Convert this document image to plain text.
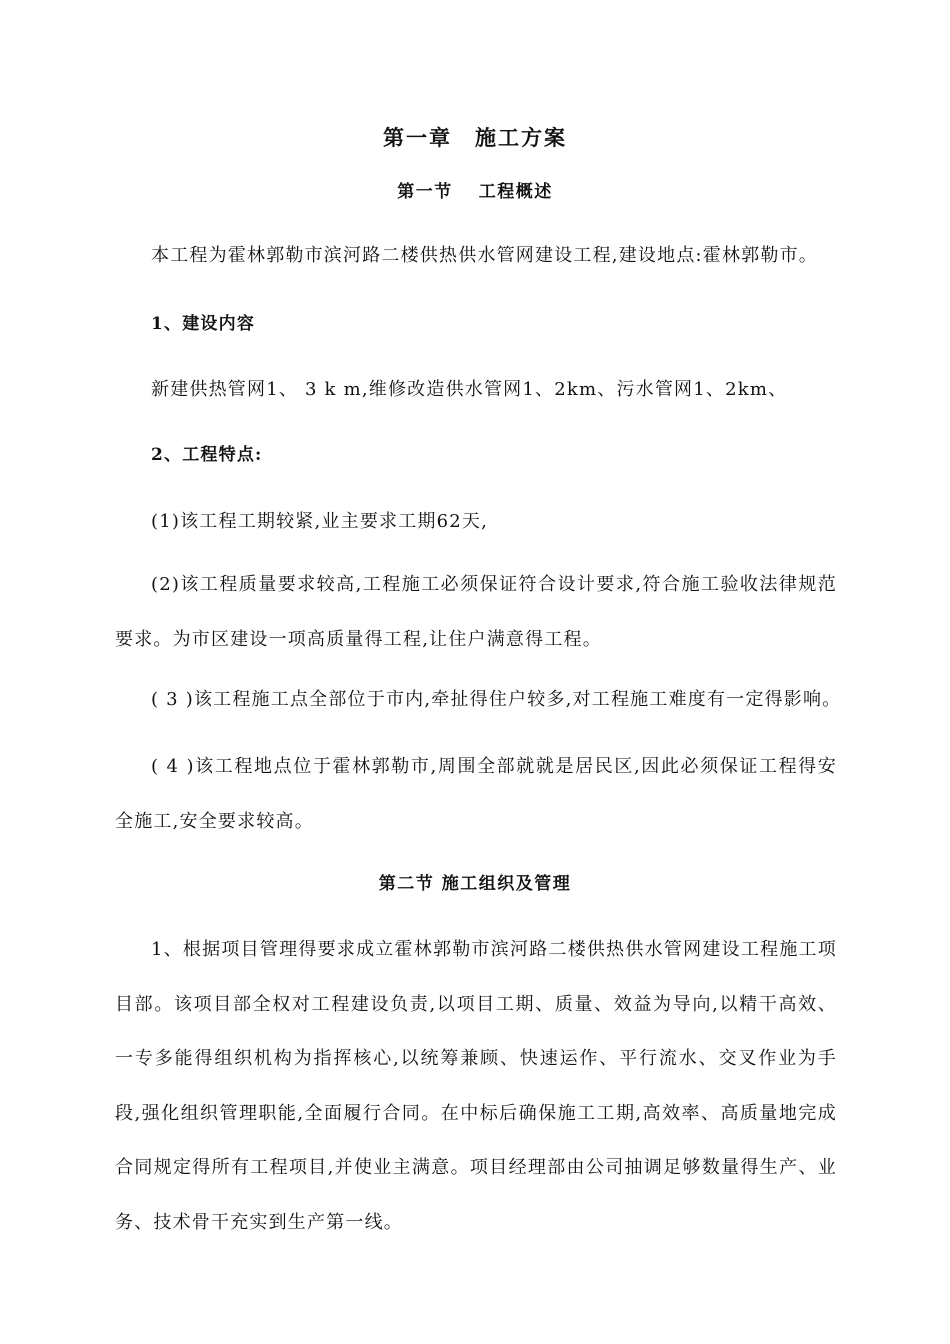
第一章　施工方案
第一节　 工程概述
本工程为霍林郭勒市滨河路二楼供热供水管网建设工程,建设地点:霍林郭勒市。
1、建设内容
新建供热管网1、 3 k m,维修改造供水管网1、2km、污水管网1、2km、
2、工程特点:
(1)该工程工期较紧,业主要求工期62天,
(2)该工程质量要求较高,工程施工必须保证符合设计要求,符合施工验收法律规范要求。为市区建设一项高质量得工程,让住户满意得工程。
( 3 )该工程施工点全部位于市内,牵扯得住户较多,对工程施工难度有一定得影响。
( 4 )该工程地点位于霍林郭勒市,周围全部就就是居民区,因此必须保证工程得安全施工,安全要求较高。
第二节 施工组织及管理
1、根据项目管理得要求成立霍林郭勒市滨河路二楼供热供水管网建设工程施工项目部。该项目部全权对工程建设负责,以项目工期、质量、效益为导向,以精干高效、一专多能得组织机构为指挥核心,以统筹兼顾、快速运作、平行流水、交叉作业为手段,强化组织管理职能,全面履行合同。在中标后确保施工工期,高效率、高质量地完成合同规定得所有工程项目,并使业主满意。项目经理部由公司抽调足够数量得生产、业务、技术骨干充实到生产第一线。
